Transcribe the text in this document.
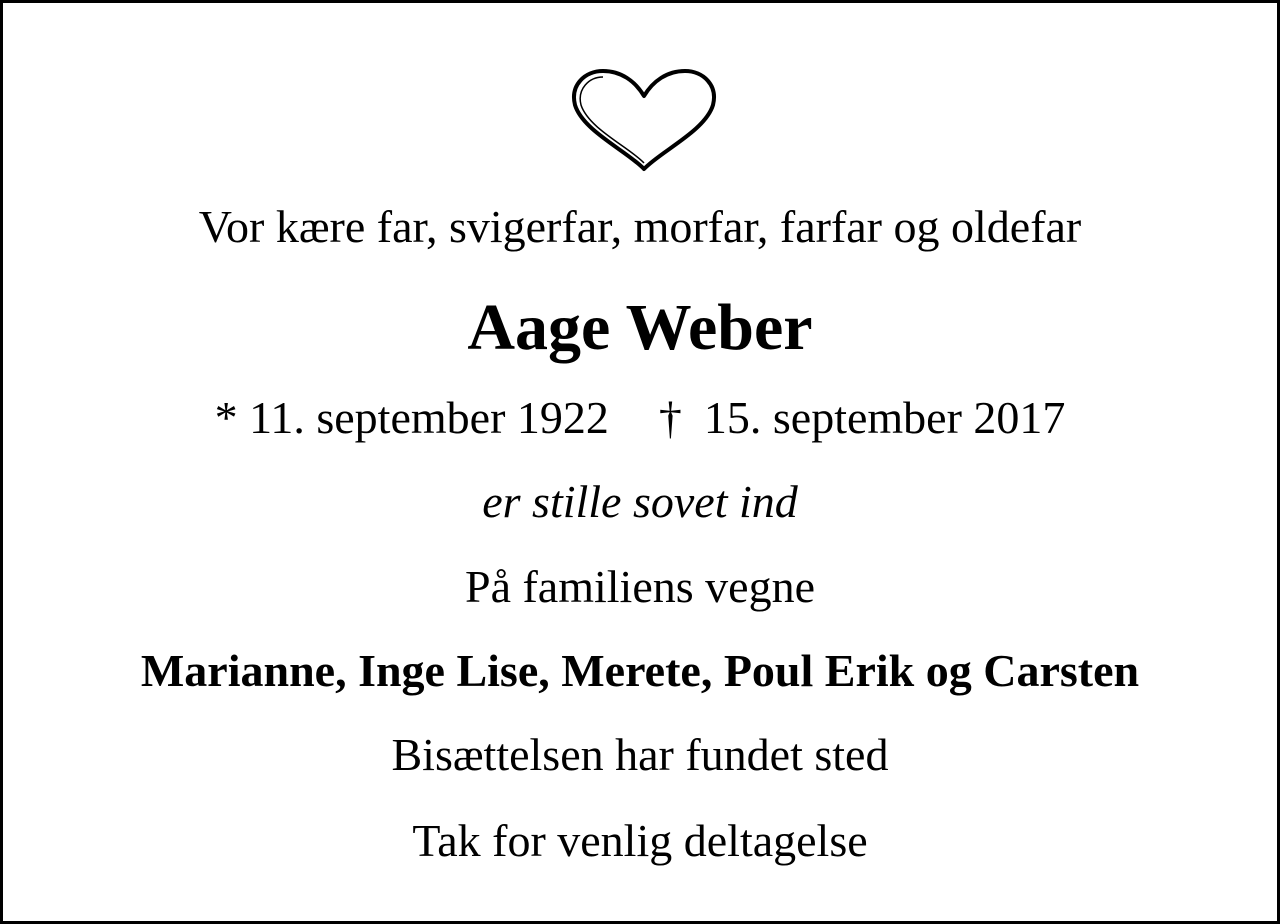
Vor kære far, svigerfar, morfar, farfar og oldefar
Aage Weber
* 11. september 1922 † 15. september 2017
er stille sovet ind
På familiens vegne
Marianne, Inge Lise, Merete, Poul Erik og Carsten
Bisættelsen har fundet sted
Tak for venlig deltagelse
